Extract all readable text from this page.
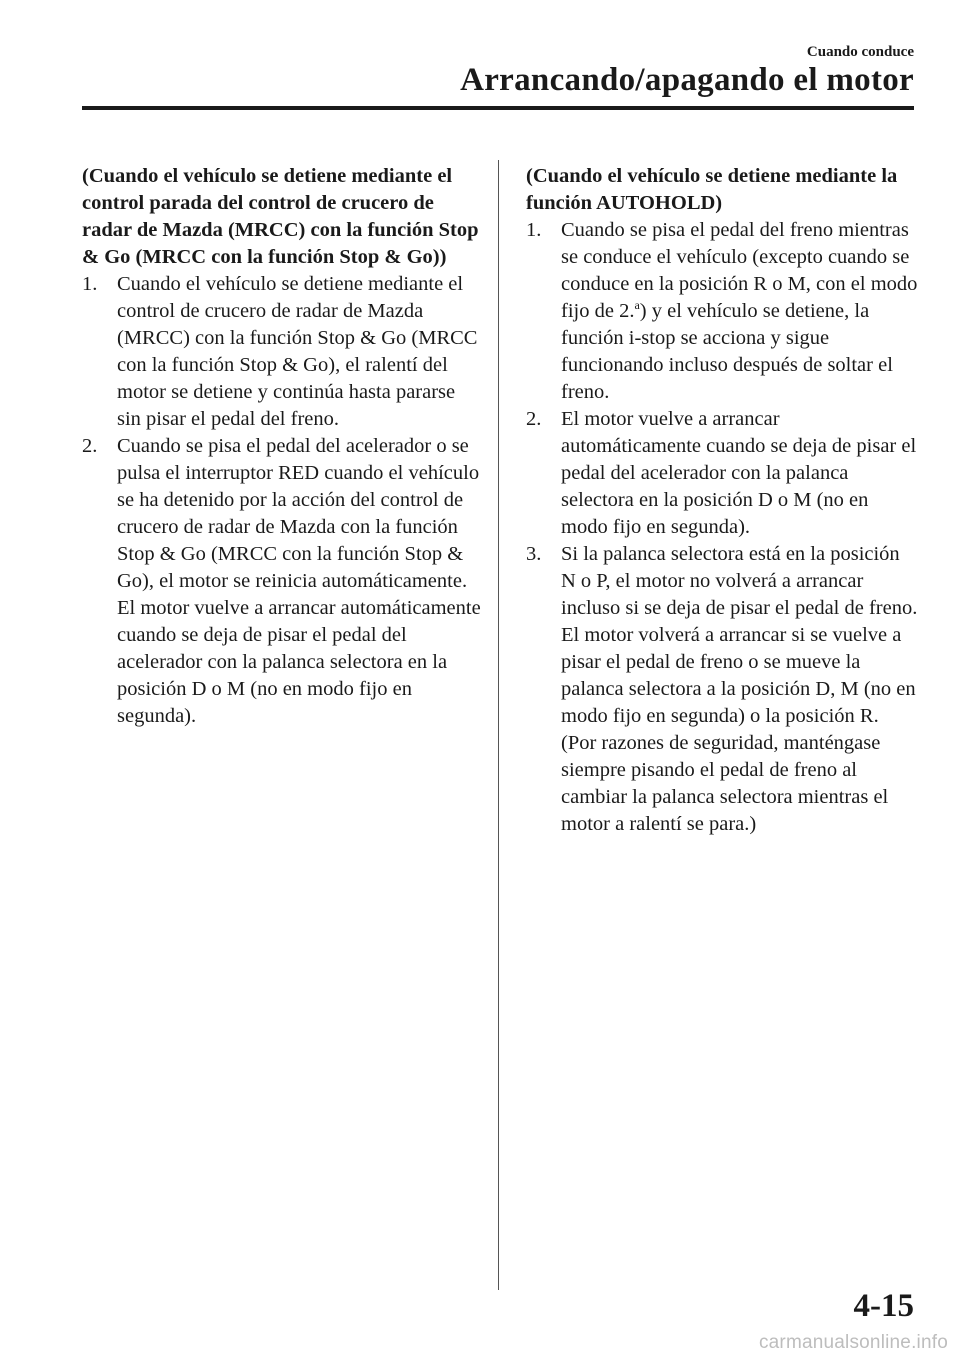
Cuando conduce
Arrancando/apagando el motor

(Cuando el vehículo se detiene mediante el control parada del control de crucero de radar de Mazda (MRCC) con la función Stop & Go (MRCC con la función Stop & Go))

1. Cuando el vehículo se detiene mediante el control de crucero de radar de Mazda (MRCC) con la función Stop & Go (MRCC con la función Stop & Go), el ralentí del motor se detiene y continúa hasta pararse sin pisar el pedal del freno.
2. Cuando se pisa el pedal del acelerador o se pulsa el interruptor RED cuando el vehículo se ha detenido por la acción del control de crucero de radar de Mazda con la función Stop & Go (MRCC con la función Stop & Go), el motor se reinicia automáticamente. El motor vuelve a arrancar automáticamente cuando se deja de pisar el pedal del acelerador con la palanca selectora en la posición D o M (no en modo fijo en segunda).

(Cuando el vehículo se detiene mediante la función AUTOHOLD)

1. Cuando se pisa el pedal del freno mientras se conduce el vehículo (excepto cuando se conduce en la posición R o M, con el modo fijo de 2.$^a$) y el vehículo se detiene, la función i-stop se acciona y sigue funcionando incluso después de soltar el freno.
2. El motor vuelve a arrancar automáticamente cuando se deja de pisar el pedal del acelerador con la palanca selectora en la posición D o M (no en modo fijo en segunda).
3. Si la palanca selectora está en la posición N o P, el motor no volverá a arrancar incluso si se deja de pisar el pedal de freno. El motor volverá a arrancar si se vuelve a pisar el pedal de freno o se mueve la palanca selectora a la posición D, M (no en modo fijo en segunda) o la posición R. (Por razones de seguridad, manténgase siempre pisando el pedal de freno al cambiar la palanca selectora mientras el motor a ralentí se para.)
4-15
carmanualsonline.info
